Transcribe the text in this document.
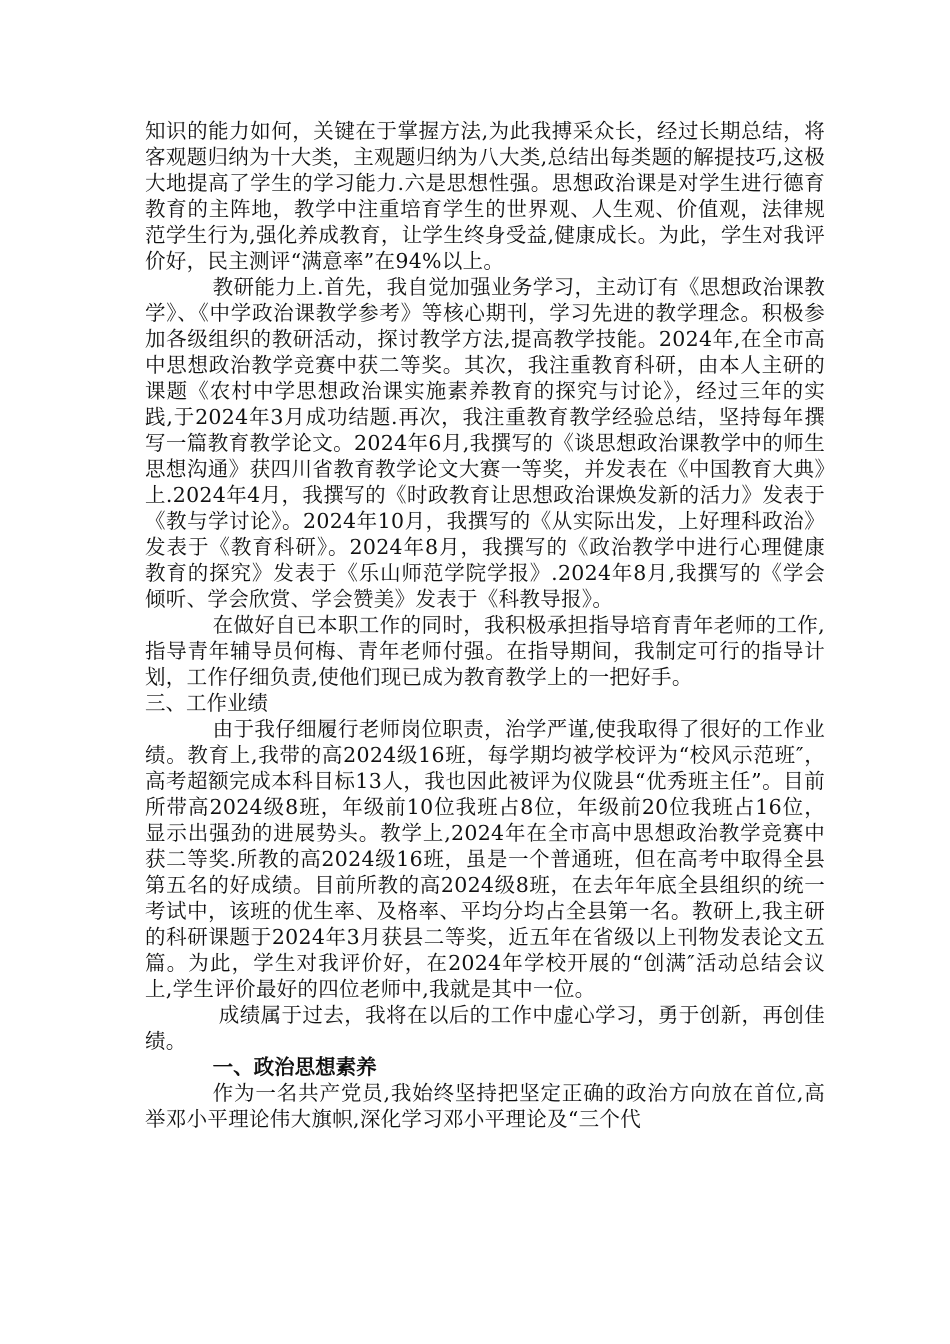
知识的能力如何，关键在于掌握方法,为此我搏采众长，经过长期总结，将客观题归纳为十大类，主观题归纳为八大类,总结出每类题的解提技巧,这极大地提高了学生的学习能力.六是思想性强。思想政治课是对学生进行德育教育的主阵地，教学中注重培育学生的世界观、人生观、价值观，法律规范学生行为,强化养成教育，让学生终身受益,健康成长。为此，学生对我评价好，民主测评“满意率”在94%以上。

教研能力上.首先，我自觉加强业务学习，主动订有《思想政治课教学》、《中学政治课教学参考》等核心期刊，学习先进的教学理念。积极参加各级组织的教研活动，探讨教学方法,提高教学技能。2024年,在全市高中思想政治教学竞赛中获二等奖。其次，我注重教育科研，由本人主研的课题《农村中学思想政治课实施素养教育的探究与讨论》，经过三年的实践,于2024年3月成功结题.再次，我注重教育教学经验总结，坚持每年撰写一篇教育教学论文。2024年6月,我撰写的《谈思想政治课教学中的师生思想沟通》获四川省教育教学论文大赛一等奖，并发表在《中国教育大典》上.2024年4月，我撰写的《时政教育让思想政治课焕发新的活力》发表于《教与学讨论》。2024年10月，我撰写的《从实际出发，上好理科政治》发表于《教育科研》。2024年8月，我撰写的《政治教学中进行心理健康教育的探究》发表于《乐山师范学院学报》.2024年8月,我撰写的《学会倾听、学会欣赏、学会赞美》发表于《科教导报》。

在做好自已本职工作的同时，我积极承担指导培育青年老师的工作,指导青年辅导员何梅、青年老师付强。在指导期间，我制定可行的指导计划，工作仔细负责,使他们现已成为教育教学上的一把好手。

三、工作业绩

由于我仔细履行老师岗位职责，治学严谨,使我取得了很好的工作业绩。教育上,我带的高2024级16班，每学期均被学校评为“校风示范班″，高考超额完成本科目标13人，我也因此被评为仪陇县“优秀班主任”。目前所带高2024级8班，年级前10位我班占8位，年级前20位我班占16位，显示出强劲的进展势头。教学上,2024年在全市高中思想政治教学竞赛中获二等奖.所教的高2024级16班，虽是一个普通班，但在高考中取得全县第五名的好成绩。目前所教的高2024级8班，在去年年底全县组织的统一考试中，该班的优生率、及格率、平均分均占全县第一名。教研上,我主研的科研课题于2024年3月获县二等奖，近五年在省级以上刊物发表论文五篇。为此，学生对我评价好，在2024年学校开展的“创满″活动总结会议上,学生评价最好的四位老师中,我就是其中一位。

成绩属于过去，我将在以后的工作中虚心学习，勇于创新，再创佳绩。

一、政治思想素养

作为一名共产党员,我始终坚持把坚定正确的政治方向放在首位,高举邓小平理论伟大旗帜,深化学习邓小平理论及“三个代
